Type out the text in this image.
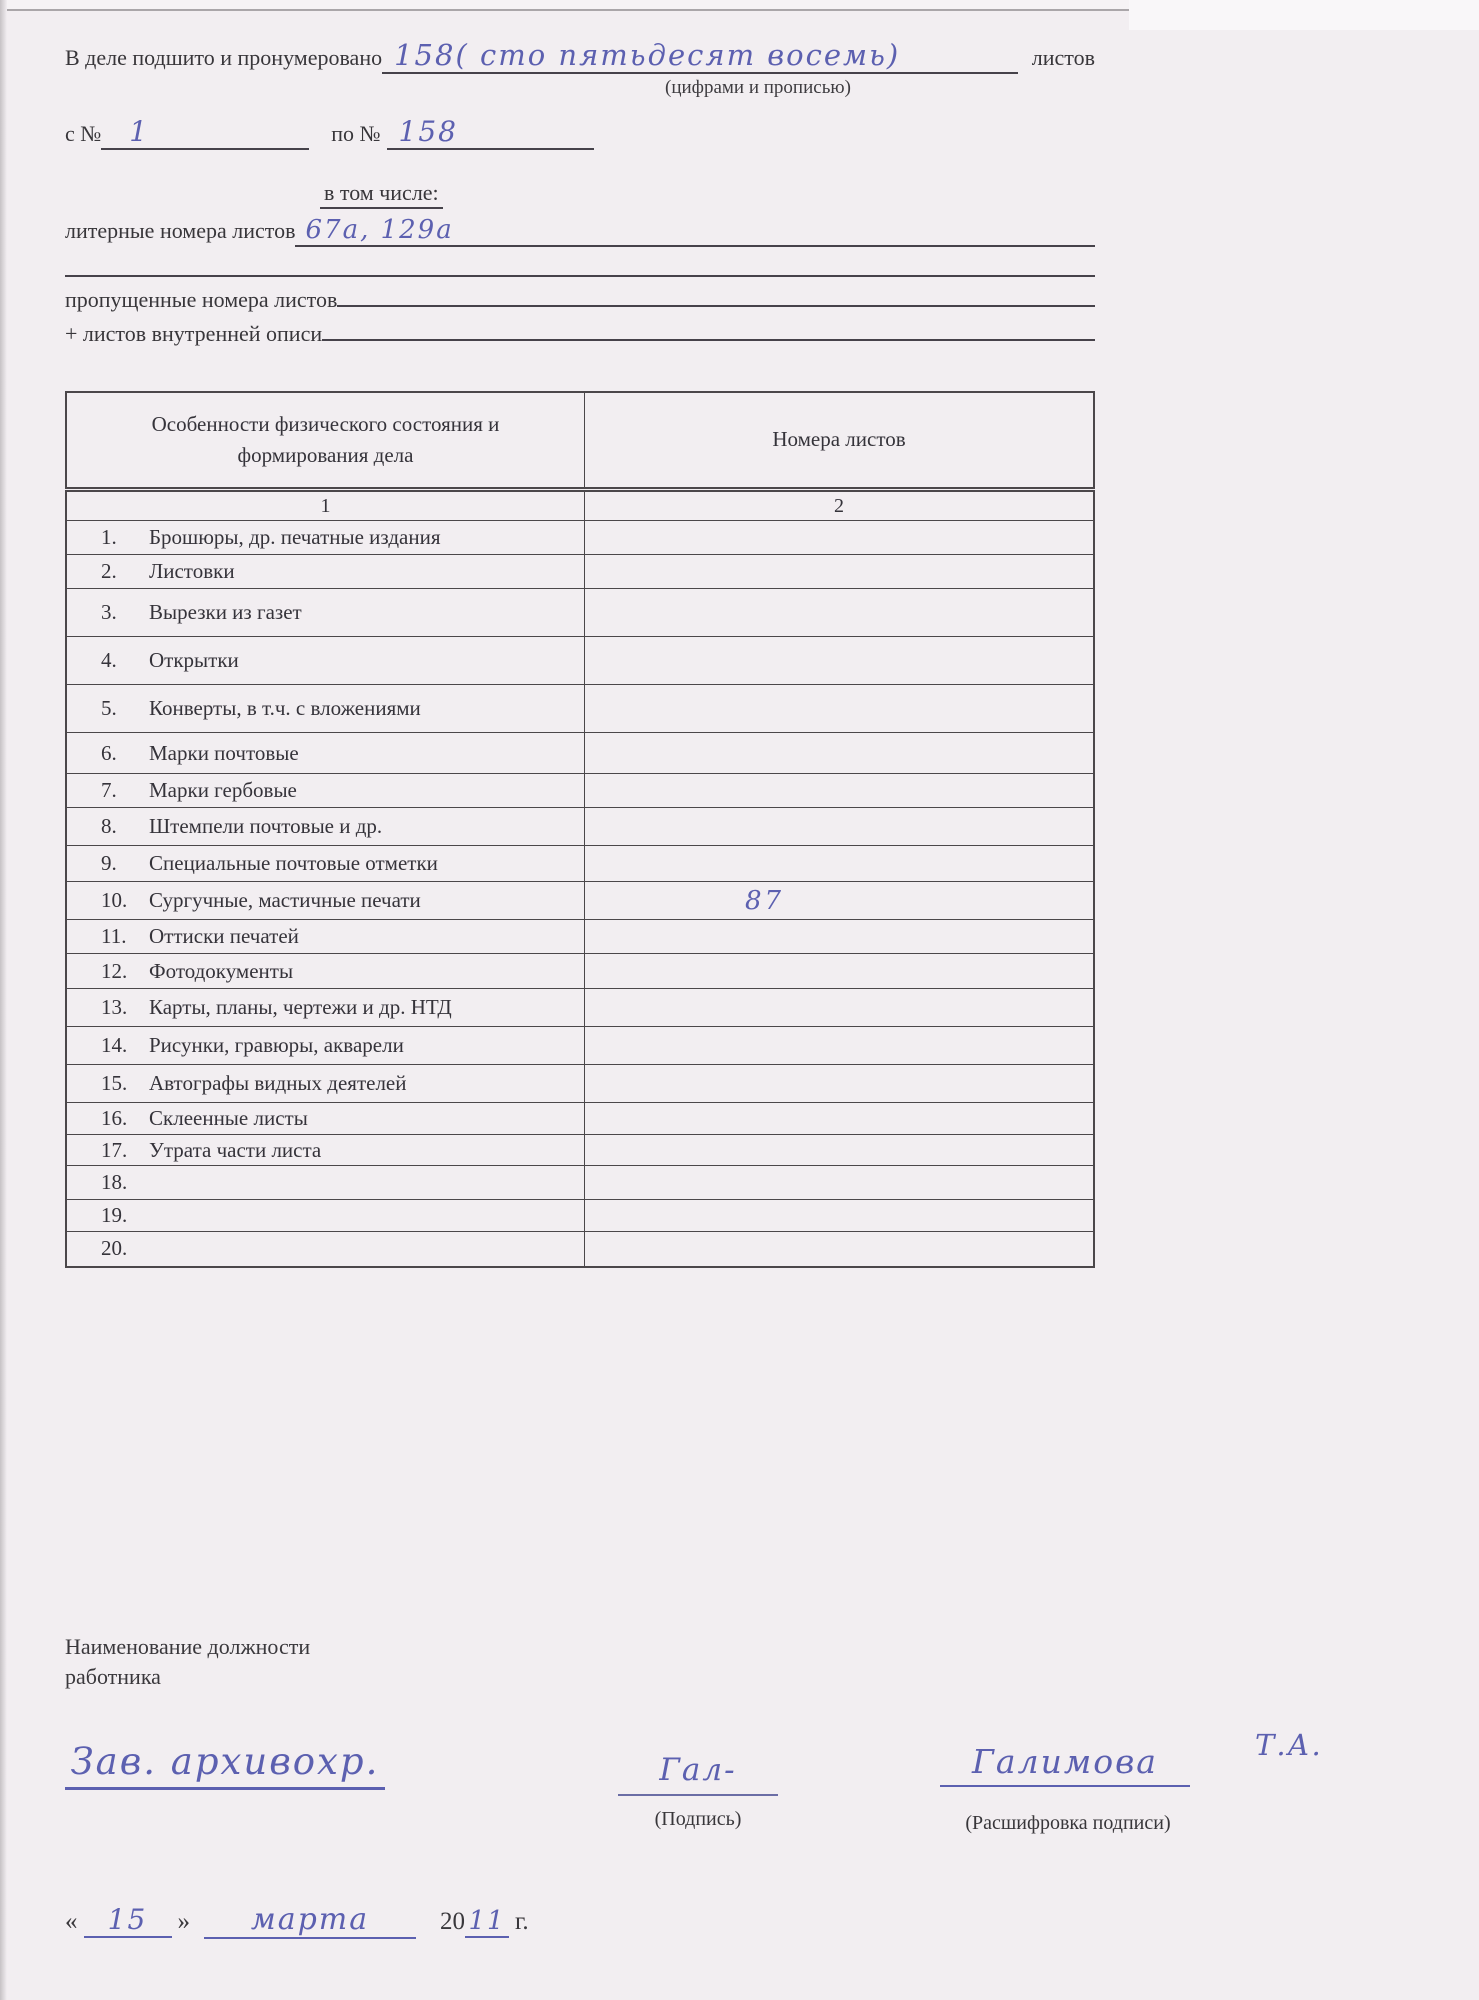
В деле подшито и пронумеровано 158( сто пятьдесят восемь)	листов
(цифрами и прописью)
с №	1	по № 158
в том числе:
литерные номера листов 67а, 129а
пропущенные номера листов
+ листов внутренней описи
Особенности физического состояния и формирования дела	Номера листов
1	2
1. Брошюры, др. печатные издания	
2. Листовки	
3. Вырезки из газет	
4. Открытки	
5. Конверты, в т.ч. с вложениями	
6. Марки почтовые	
7. Марки гербовые	
8. Штемпели почтовые и др.	
9. Специальные почтовые отметки	
10. Сургучные, мастичные печати	87
11. Оттиски печатей	
12. Фотодокументы	
13. Карты, планы, чертежи и др. НТД	
14. Рисунки, гравюры, акварели	
15. Автографы видных деятелей	
16. Склеенные листы	
17. Утрата части листа	
18.	
19.	
20.	
Наименование должности работника
Зав. архивохр.	Гал-
(Подпись)
Галимова	Т.А.
(Расшифровка подписи)
«	15	»	марта	20 11 г.
